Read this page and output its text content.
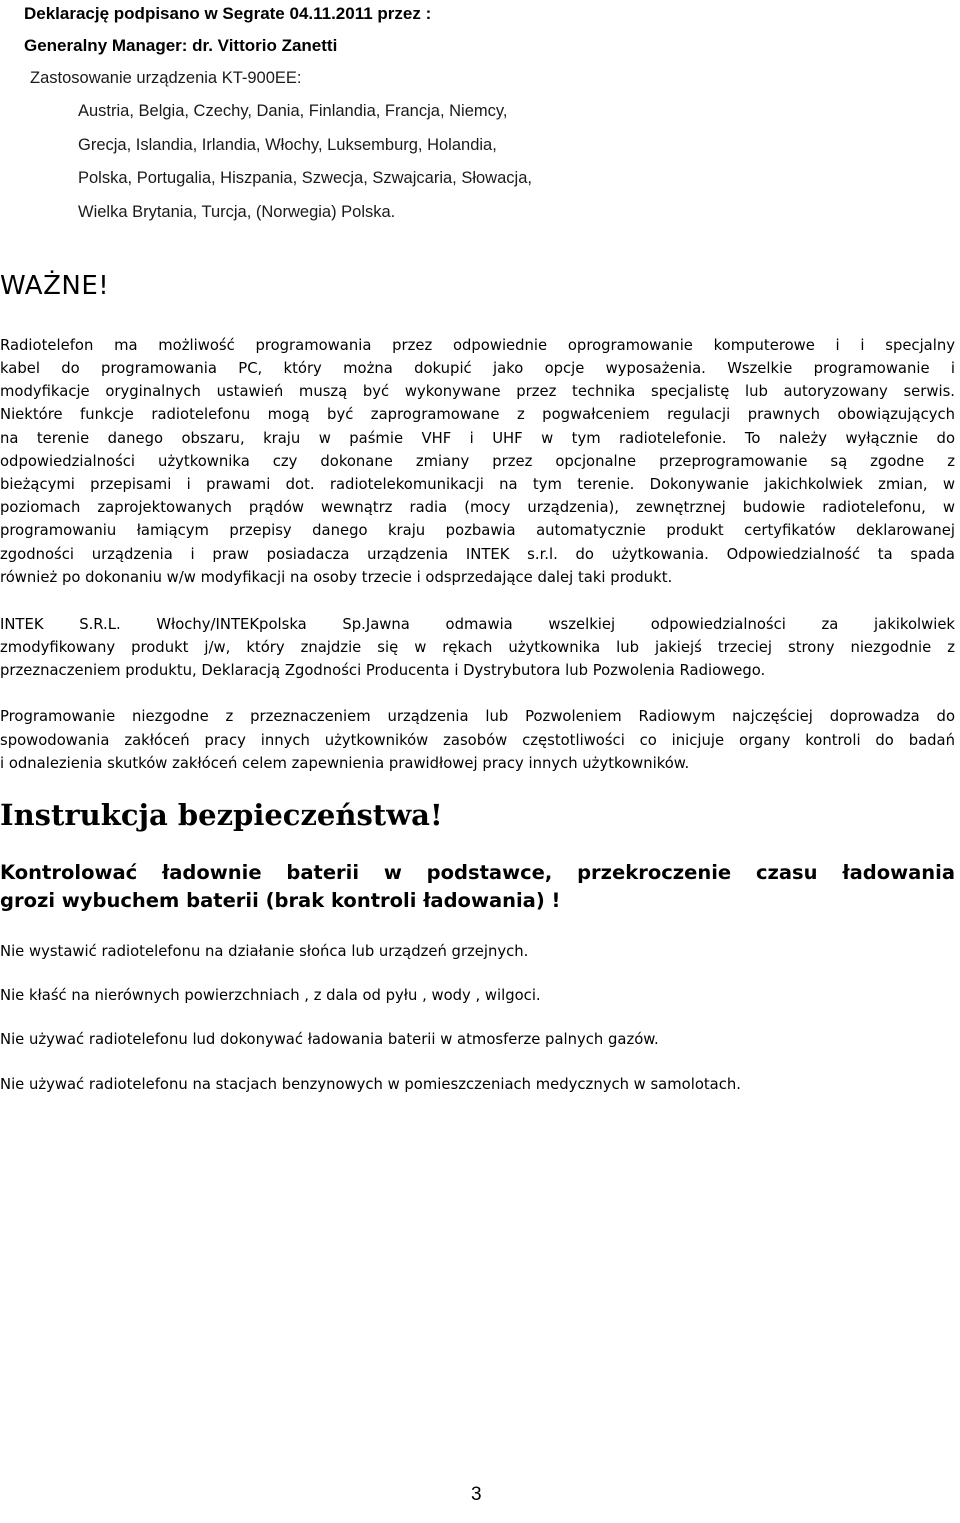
Deklarację podpisano w Segrate 04.11.2011 przez :
Generalny Manager: dr. Vittorio Zanetti
Zastosowanie urządzenia KT-900EE:
Austria, Belgia, Czechy, Dania, Finlandia, Francja, Niemcy,
Grecja, Islandia, Irlandia, Włochy, Luksemburg, Holandia,
Polska, Portugalia, Hiszpania, Szwecja, Szwajcaria, Słowacja,
Wielka Brytania, Turcja, (Norwegia) Polska.
WAŻNE!
Radiotelefon ma możliwość programowania przez odpowiednie oprogramowanie komputerowe i i specjalny
kabel do programowania PC, który można dokupić jako opcje wyposażenia. Wszelkie programowanie i
modyfikacje oryginalnych ustawień muszą być wykonywane przez technika specjalistę lub autoryzowany serwis.
Niektóre funkcje radiotelefonu mogą być zaprogramowane z pogwałceniem regulacji prawnych obowiązujących
na terenie danego obszaru, kraju w paśmie VHF i UHF w tym radiotelefonie. To należy wyłącznie do
odpowiedzialności użytkownika czy dokonane zmiany przez opcjonalne przeprogramowanie są zgodne z
bieżącymi przepisami i prawami dot. radiotelekomunikacji na tym terenie. Dokonywanie jakichkolwiek zmian, w
poziomach zaprojektowanych prądów wewnątrz radia (mocy urządzenia), zewnętrznej budowie radiotelefonu, w
programowaniu łamiącym przepisy danego kraju pozbawia automatycznie produkt certyfikatów deklarowanej
zgodności urządzenia i praw posiadacza urządzenia INTEK s.r.l. do użytkowania. Odpowiedzialność ta spada
również po dokonaniu w/w modyfikacji na osoby trzecie i odsprzedające dalej taki produkt.
INTEK S.R.L. Włochy/INTEKpolska Sp.Jawna odmawia wszelkiej odpowiedzialności za jakikolwiek
zmodyfikowany produkt j/w, który znajdzie się w rękach użytkownika lub jakiejś trzeciej strony niezgodnie z
przeznaczeniem produktu, Deklaracją Zgodności Producenta i Dystrybutora lub Pozwolenia Radiowego.
Programowanie niezgodne z przeznaczeniem urządzenia lub Pozwoleniem Radiowym najczęściej doprowadza do
spowodowania zakłóceń pracy innych użytkowników zasobów częstotliwości co inicjuje organy kontroli do badań
i odnalezienia skutków zakłóceń celem zapewnienia prawidłowej pracy innych użytkowników.
Instrukcja bezpieczeństwa!
Kontrolować ładownie baterii w podstawce, przekroczenie czasu ładowania
grozi wybuchem baterii (brak kontroli ładowania) !
Nie wystawić radiotelefonu na działanie słońca lub urządzeń grzejnych.
Nie kłaść na nierównych powierzchniach , z dala od pyłu , wody , wilgoci.
Nie używać radiotelefonu lud dokonywać ładowania baterii w atmosferze palnych gazów.
Nie używać radiotelefonu na stacjach benzynowych w pomieszczeniach medycznych w samolotach.
3
